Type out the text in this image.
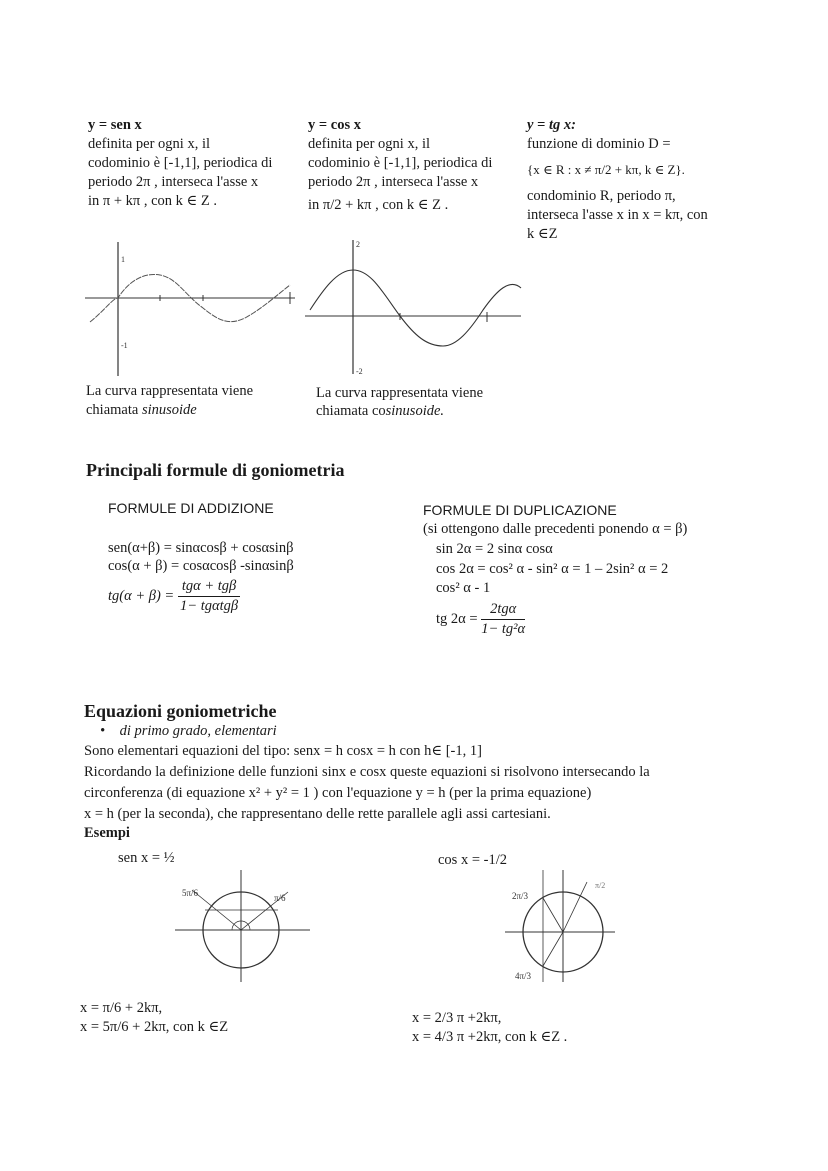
y = sen x
definita per ogni x, il
codominio è [-1,1], periodica di
periodo 2π , interseca l'asse x
in π + kπ , con k ∈ Z .
1
-1
La curva rappresentata viene
chiamata sinusoide
y = cos x
definita per ogni x, il
codominio è [-1,1], periodica di
periodo 2π , interseca l'asse x
in π/2 + kπ , con k ∈ Z .
2
-2
La curva rappresentata viene
chiamata cosinusoide.
y = tg x:
funzione di dominio D =
{x ∈ R : x ≠ π/2 + kπ, k ∈ Z}.
condominio R, periodo π,
interseca l'asse x in x = kπ, con
k ∈Z
Principali formule di goniometria
FORMULE DI ADDIZIONE
sen(α+β) = sinαcosβ + cosαsinβ
cos(α + β) = cosαcosβ -sinαsinβ
$tg(\alpha + \beta) = \frac{\text{tgα + tgβ}}{\text{1− tgαtgβ}}$
FORMULE DI DUPLICAZIONE
(si ottengono dalle precedenti ponendo α = β)
sin 2α = 2 sinα cosα
cos 2α = cos² α - sin² α = 1 – 2sin² α = 2
cos² α - 1
tg $2\alpha = \frac{\text{2tgα}}{\text{1− tg²α}}$
Equazioni goniometriche
•    di primo grado, elementari
Sono elementari equazioni del tipo: senx = h cosx = h con h∈ [-1, 1]
Ricordando la definizione delle funzioni sinx e cosx queste equazioni si risolvono intersecando la
circonferenza (di equazione x² + y² = 1 ) con l'equazione y = h (per la prima equazione)
x = h (per la seconda), che rappresentano delle rette parallele agli assi cartesiani.
Esempi
sen x = ½
5π/6	π/6
x = π/6 + 2kπ,
x = 5π/6 + 2kπ, con k ∈Z
cos x = -1/2
2π/3
4π/3
π/2
x = 2/3 π +2kπ,
x = 4/3 π +2kπ, con k ∈Z .
